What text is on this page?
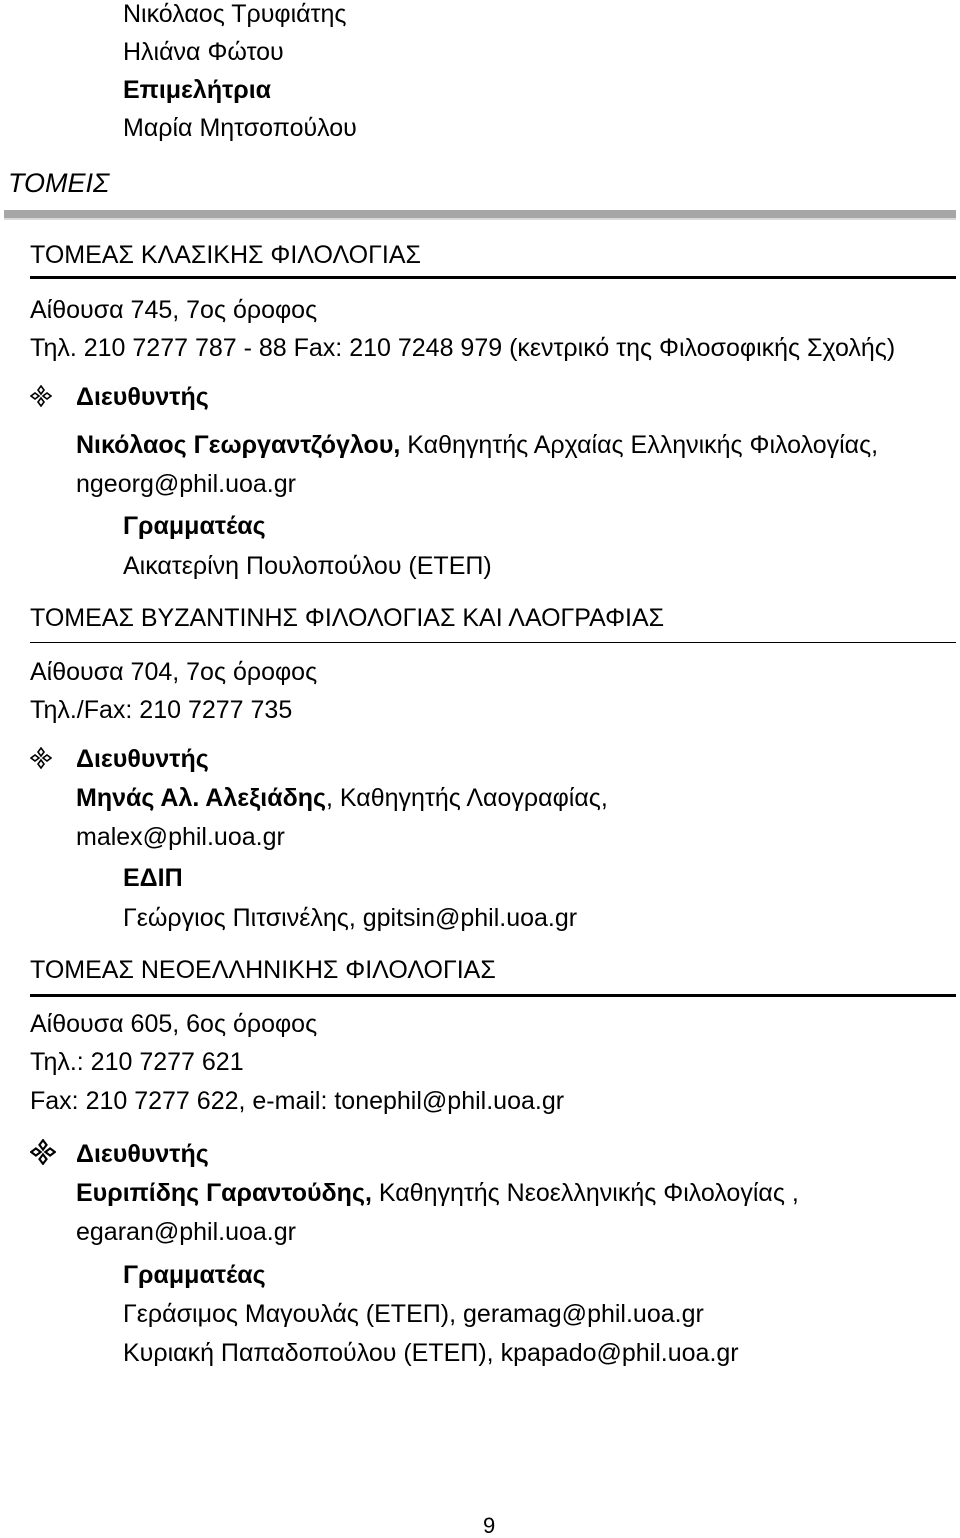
Νικόλαος Τρυφιάτης
Ηλιάνα Φώτου
Επιμελήτρια
Μαρία Μητσοπούλου
ΤΟΜΕΙΣ
ΤΟΜΕΑΣ ΚΛΑΣΙΚΗΣ ΦΙΛΟΛΟΓΙΑΣ
Αίθουσα 745, 7ος όροφος
Τηλ. 210 7277 787 - 88 Fax: 210 7248 979 (κεντρικό της Φιλοσοφικής Σχολής)
Διευθυντής
Νικόλαος Γεωργαντζόγλου, Καθηγητής Αρχαίας Ελληνικής Φιλολογίας,
ngeorg@phil.uoa.gr
Γραμματέας
Αικατερίνη Πουλοπούλου (ΕΤΕΠ)
ΤΟΜΕΑΣ ΒΥΖΑΝΤΙΝΗΣ ΦΙΛΟΛΟΓΙΑΣ ΚΑΙ ΛΑΟΓΡΑΦΙΑΣ
Αίθουσα 704, 7ος όροφος
Τηλ./Fax: 210 7277 735
Διευθυντής
Μηνάς Αλ. Αλεξιάδης, Καθηγητής Λαογραφίας,
malex@phil.uoa.gr
ΕΔΙΠ
Γεώργιος Πιτσινέλης, gpitsin@phil.uoa.gr
ΤΟΜΕΑΣ ΝΕΟΕΛΛΗΝΙΚΗΣ ΦΙΛΟΛΟΓΙΑΣ
Αίθουσα 605, 6ος όροφος
Τηλ.: 210 7277 621
Fax: 210 7277 622, e-mail: tonephil@phil.uoa.gr
Διευθυντής
Ευριπίδης Γαραντούδης, Καθηγητής Νεοελληνικής Φιλολογίας ,
egaran@phil.uoa.gr
Γραμματέας
Γεράσιμος Μαγουλάς (ΕΤΕΠ), geramag@phil.uoa.gr
Κυριακή Παπαδοπούλου (ΕΤΕΠ), kpapado@phil.uoa.gr
9
